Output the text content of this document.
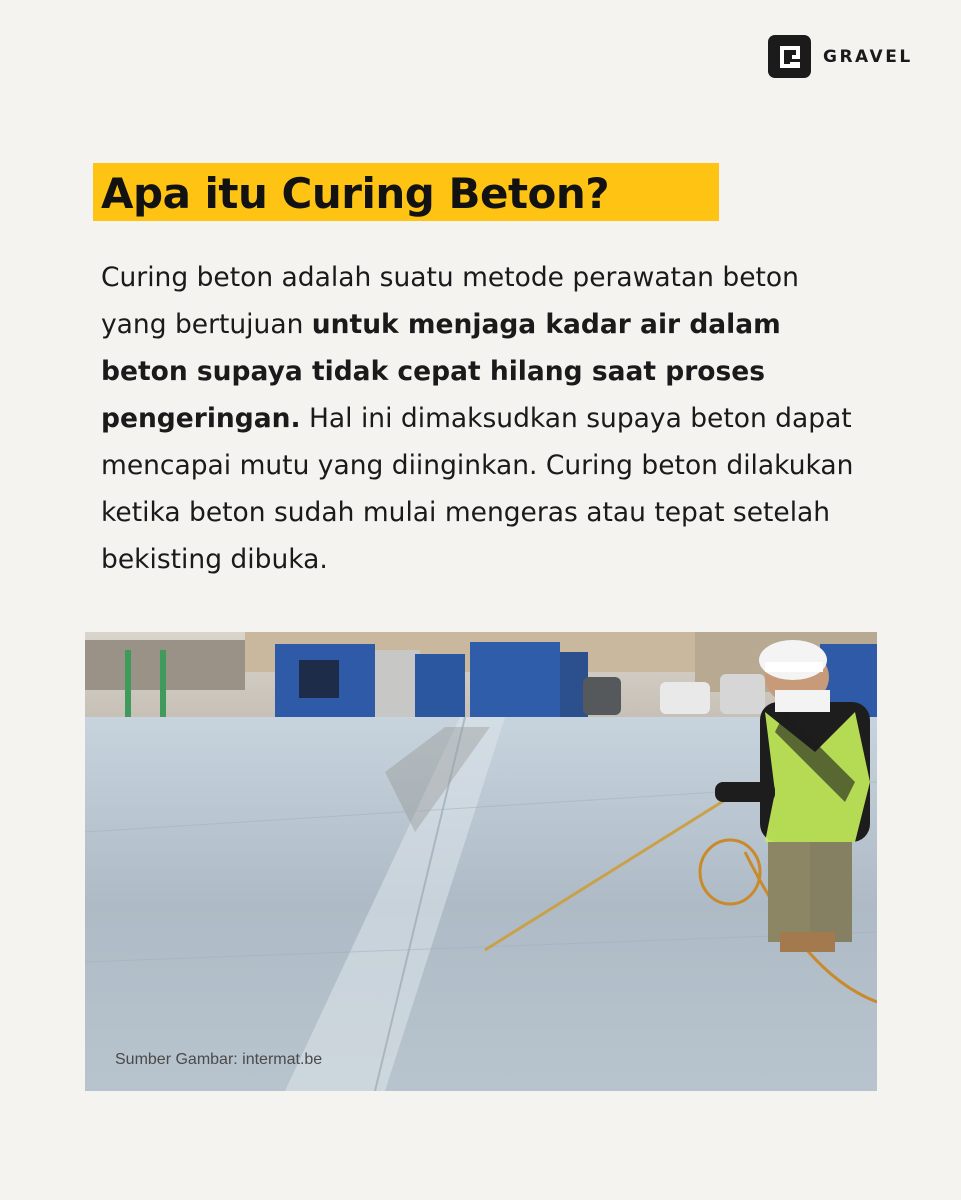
GRAVEL
Apa itu Curing Beton?

Curing beton adalah suatu metode perawatan beton yang bertujuan untuk menjaga kadar air dalam beton supaya tidak cepat hilang saat proses pengeringan. Hal ini dimaksudkan supaya beton dapat mencapai mutu yang diinginkan. Curing beton dilakukan ketika beton sudah mulai mengeras atau tepat setelah bekisting dibuka.

Sumber Gambar: intermat.be
